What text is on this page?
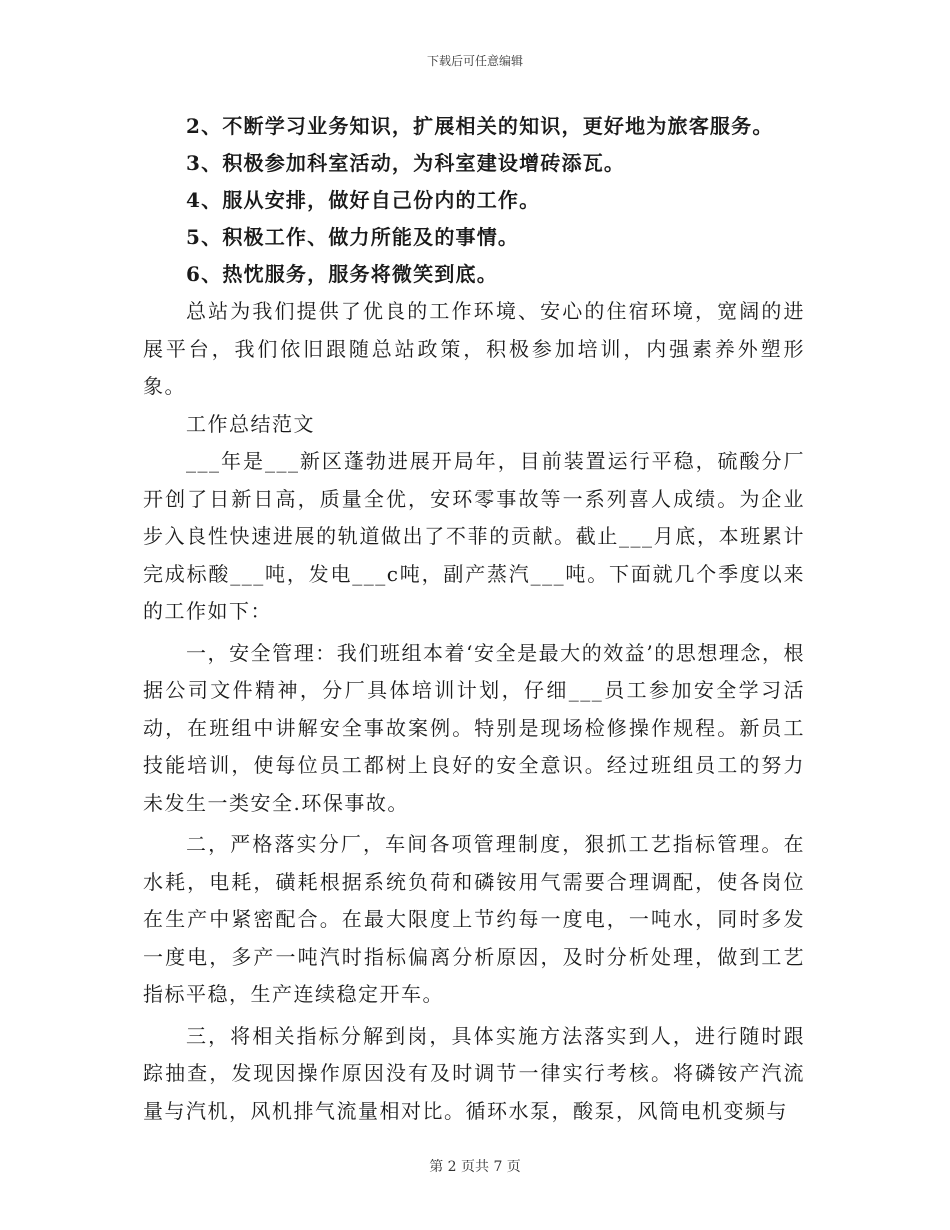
下载后可任意编辑

2、不断学习业务知识，扩展相关的知识，更好地为旅客服务。

3、积极参加科室活动，为科室建设增砖添瓦。

4、服从安排，做好自己份内的工作。

5、积极工作、做力所能及的事情。

6、热忱服务，服务将微笑到底。

总站为我们提供了优良的工作环境、安心的住宿环境，宽阔的进展平台，我们依旧跟随总站政策，积极参加培训，内强素养外塑形象。

工作总结范文

___年是___新区蓬勃进展开局年，目前装置运行平稳，硫酸分厂开创了日新日高，质量全优，安环零事故等一系列喜人成绩。为企业步入良性快速进展的轨道做出了不菲的贡献。截止___月底，本班累计完成标酸___吨，发电___c吨，副产蒸汽___吨。下面就几个季度以来的工作如下：

一，安全管理：我们班组本着‘安全是最大的效益’的思想理念，根据公司文件精神，分厂具体培训计划，仔细___员工参加安全学习活动，在班组中讲解安全事故案例。特别是现场检修操作规程。新员工技能培训，使每位员工都树上良好的安全意识。经过班组员工的努力未发生一类安全.环保事故。

二，严格落实分厂，车间各项管理制度，狠抓工艺指标管理。在水耗，电耗，磺耗根据系统负荷和磷铵用气需要合理调配，使各岗位在生产中紧密配合。在最大限度上节约每一度电，一吨水，同时多发一度电，多产一吨汽时指标偏离分析原因，及时分析处理，做到工艺指标平稳，生产连续稳定开车。

三，将相关指标分解到岗，具体实施方法落实到人，进行随时跟踪抽查，发现因操作原因没有及时调节一律实行考核。将磷铵产汽流量与汽机，风机排气流量相对比。循环水泵，酸泵，风筒电机变频与

第 2 页共 7 页
